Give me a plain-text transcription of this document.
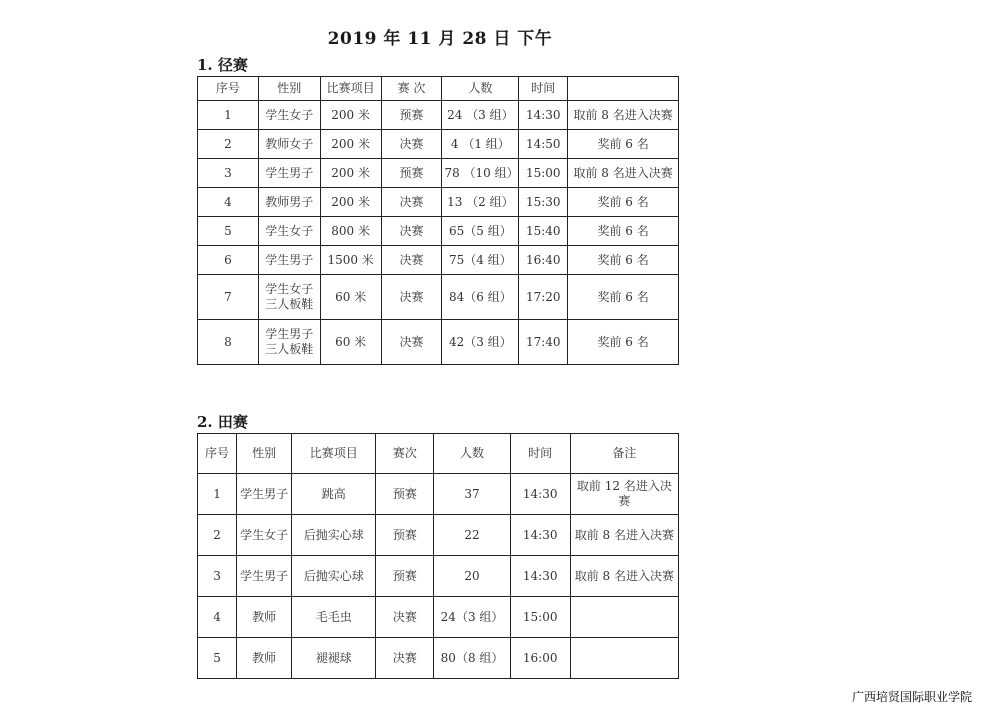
2019 年 11 月 28 日 下午
1. 径赛
序号	性别	比赛项目	赛 次	人数	时间	
1	学生女子	200 米	预赛	24 （3 组）	14:30	取前 8 名进入决赛
2	教师女子	200 米	决赛	4 （1 组）	14:50	奖前 6 名
3	学生男子	200 米	预赛	78 （10 组）	15:00	取前 8 名进入决赛
4	教师男子	200 米	决赛	13 （2 组）	15:30	奖前 6 名
5	学生女子	800 米	决赛	65（5 组）	15:40	奖前 6 名
6	学生男子	1500 米	决赛	75（4 组）	16:40	奖前 6 名
7	学生女子三人板鞋	60 米	决赛	84（6 组）	17:20	奖前 6 名
8	学生男子三人板鞋	60 米	决赛	42（3 组）	17:40	奖前 6 名
2. 田赛
序号	性别	比赛项目	赛次	人数	时间	备注
1	学生男子	跳高	预赛	37	14:30	取前 12 名进入决赛
2	学生女子	后抛实心球	预赛	22	14:30	取前 8 名进入决赛
3	学生男子	后抛实心球	预赛	20	14:30	取前 8 名进入决赛
4	教师	毛毛虫	决赛	24（3 组）	15:00	
5	教师	褪褪球	决赛	80（8 组）	16:00	
广西培贤国际职业学院
